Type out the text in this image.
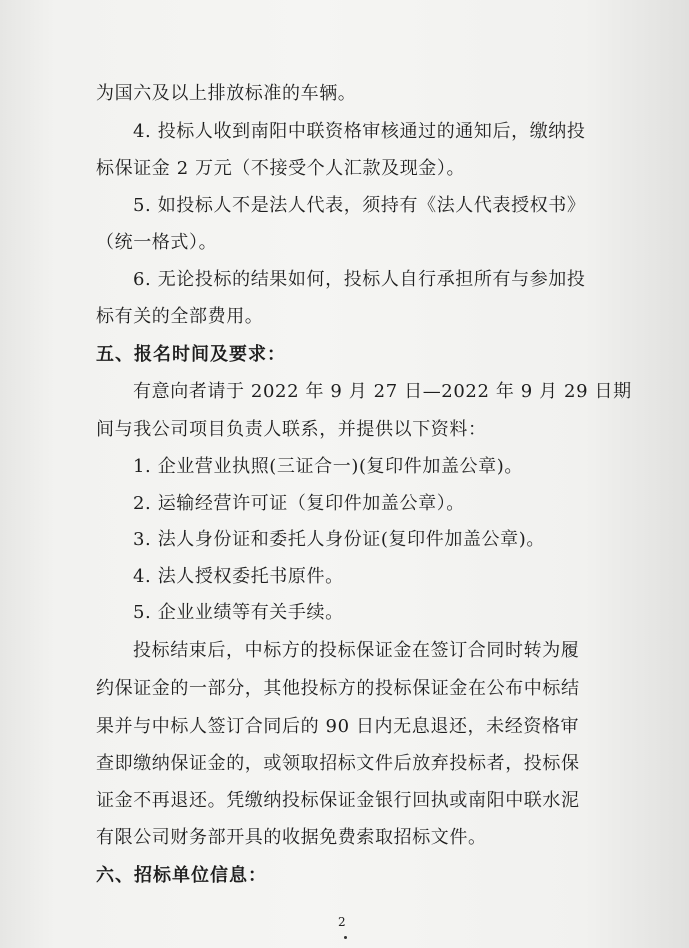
为国六及以上排放标准的车辆。
4. 投标人收到南阳中联资格审核通过的通知后，缴纳投
标保证金 2 万元（不接受个人汇款及现金）。
5. 如投标人不是法人代表，须持有《法人代表授权书》
（统一格式）。
6. 无论投标的结果如何，投标人自行承担所有与参加投
标有关的全部费用。
五、报名时间及要求：
有意向者请于 2022 年 9 月 27 日—2022 年 9 月 29 日期
间与我公司项目负责人联系，并提供以下资料：
1. 企业营业执照(三证合一)(复印件加盖公章)。
2. 运输经营许可证（复印件加盖公章）。
3. 法人身份证和委托人身份证(复印件加盖公章)。
4. 法人授权委托书原件。
5. 企业业绩等有关手续。
投标结束后，中标方的投标保证金在签订合同时转为履
约保证金的一部分，其他投标方的投标保证金在公布中标结
果并与中标人签订合同后的 90 日内无息退还，未经资格审
查即缴纳保证金的，或领取招标文件后放弃投标者，投标保
证金不再退还。凭缴纳投标保证金银行回执或南阳中联水泥
有限公司财务部开具的收据免费索取招标文件。
六、招标单位信息：
2
